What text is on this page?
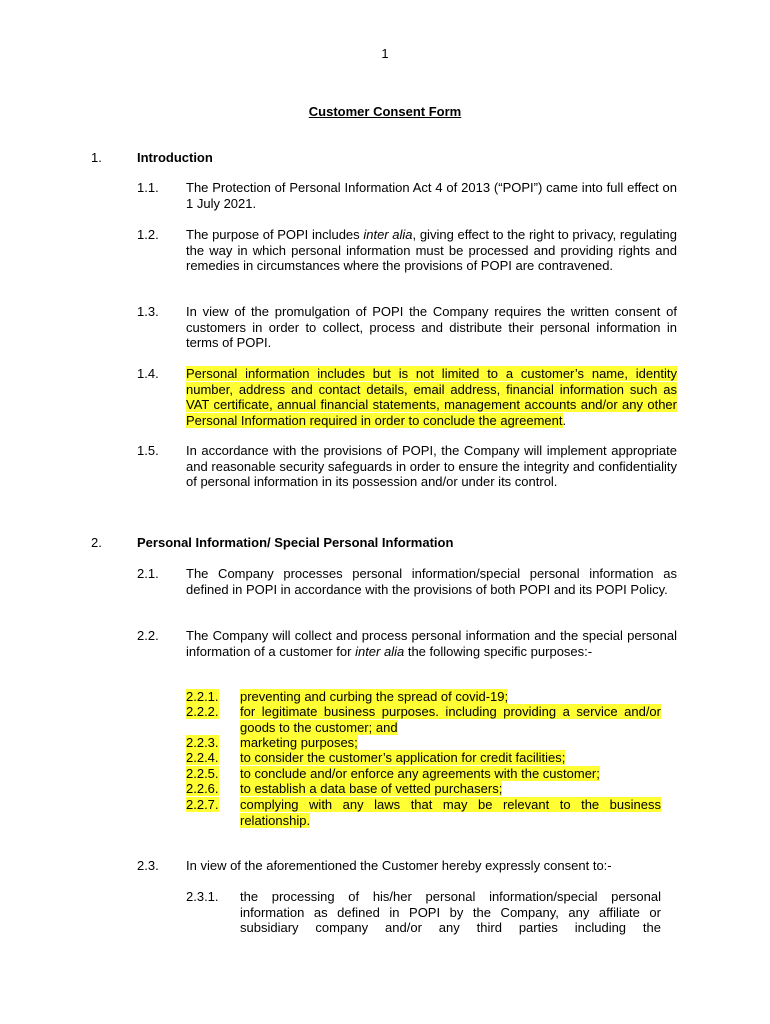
1
Customer Consent Form
1.	Introduction
1.1. The Protection of Personal Information Act 4 of 2013 (“POPI”) came into full effect on 1 July 2021.
1.2. The purpose of POPI includes inter alia, giving effect to the right to privacy, regulating the way in which personal information must be processed and providing rights and remedies in circumstances where the provisions of POPI are contravened.
1.3. In view of the promulgation of POPI the Company requires the written consent of customers in order to collect, process and distribute their personal information in terms of POPI.
1.4. Personal information includes but is not limited to a customer’s name, identity number, address and contact details, email address, financial information such as VAT certificate, annual financial statements, management accounts and/or any other Personal Information required in order to conclude the agreement.
1.5. In accordance with the provisions of POPI, the Company will implement appropriate and reasonable security safeguards in order to ensure the integrity and confidentiality of personal information in its possession and/or under its control.
2.	Personal Information/ Special Personal Information
2.1. The Company processes personal information/special personal information as defined in POPI in accordance with the provisions of both POPI and its POPI Policy.
2.2. The Company will collect and process personal information and the special personal information of a customer for inter alia the following specific purposes:-
2.2.1.	preventing and curbing the spread of covid-19;
2.2.2.	for legitimate business purposes. including providing a service and/or goods to the customer; and
2.2.3.	marketing purposes;
2.2.4.	to consider the customer’s application for credit facilities;
2.2.5.	to conclude and/or enforce any agreements with the customer;
2.2.6.	to establish a data base of vetted purchasers;
2.2.7.	complying with any laws that may be relevant to the business relationship.
2.3. In view of the aforementioned the Customer hereby expressly consent to:-
2.3.1.	the processing of his/her personal information/special personal information as defined in POPI by the Company, any affiliate or subsidiary company and/or any third parties including the
